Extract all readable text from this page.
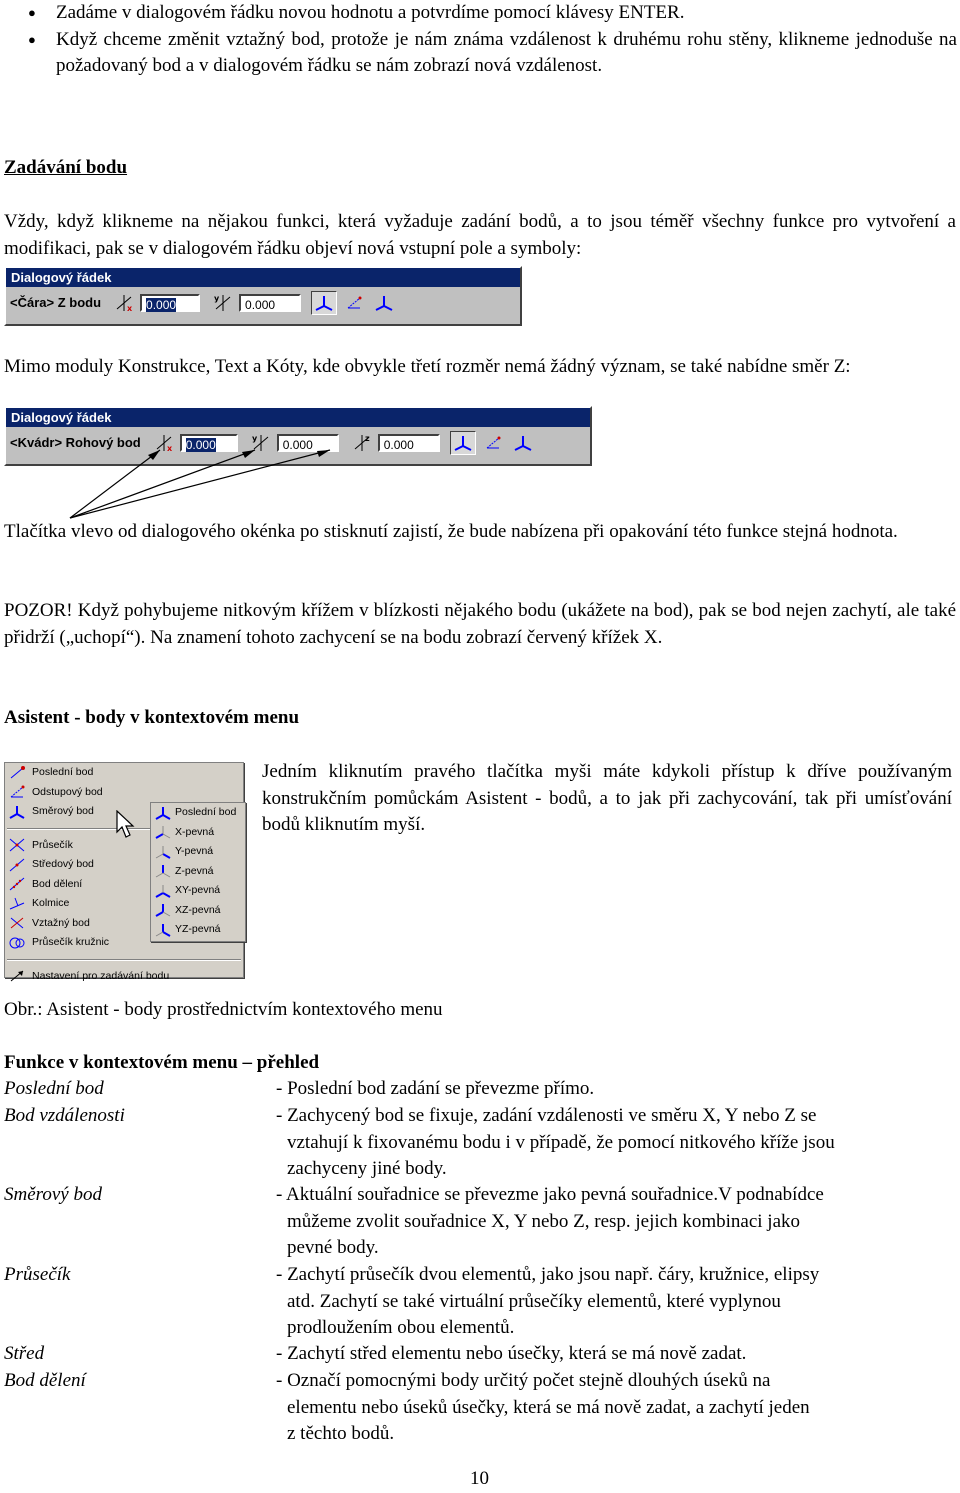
● Zadáme v dialogovém řádku novou hodnotu a potvrdíme pomocí klávesy ENTER.
● Když chceme změnit vztažný bod, protože je nám známa vzdálenost k druhému rohu stěny, klikneme jednoduše na požadovaný bod a v dialogovém řádku se nám zobrazí nová vzdálenost.
Zadávání bodu
Vždy, když klikneme na nějakou funkci, která vyžaduje zadání bodů, a to jsou téměř všechny funkce pro vytvoření a modifikaci, pak se v dialogovém řádku objeví nová vstupní pole a symboly:
Dialogový řádek
<Čára> Z bodu	x	0.000	y	0.000
Mimo moduly Konstrukce, Text a Kóty, kde obvykle třetí rozměr nemá žádný význam, se také nabídne směr Z:
Dialogový řádek
<Kvádr> Rohový bod	x	0.000	y	0.000	z	0.000
Tlačítka vlevo od dialogového okénka po stisknutí zajistí, že bude nabízena při opakování této funkce stejná hodnota.
POZOR! Když pohybujeme nitkovým křížem v blízkosti nějakého bodu (ukážete na bod), pak se bod nejen zachytí, ale také přidrží („uchopí“). Na znamení tohoto zachycení se na bodu zobrazí červený křížek X.
Asistent - body v kontextovém menu
Poslední bod
Odstupový bod
Směrový bod
Průsečík
Středový bod
Bod dělení
Kolmice
Vztažný bod
Průsečík kružnic
Nastavení pro zadávání bodu
Poslední bod
X-pevná
Y-pevná
Z-pevná
XY-pevná
XZ-pevná
YZ-pevná
Jedním kliknutím pravého tlačítka myši máte kdykoli přístup k dříve používaným konstrukčním pomůckám Asistent - bodů, a to jak při zachycování, tak při umísťování bodů kliknutím myší.
Obr.: Asistent - body prostřednictvím kontextového menu
Funkce v kontextovém menu – přehled
Poslední bod	- Poslední bod zadání se převezme přímo.
Bod vzdálenosti	- Zachycený bod se fixuje, zadání vzdálenosti ve směru X, Y nebo Z se
vztahují k fixovanému bodu i v případě, že pomocí nitkového kříže jsou
zachyceny jiné body.
Směrový bod	- Aktuální souřadnice se převezme jako pevná souřadnice.V podnabídce
můžeme zvolit souřadnice X, Y nebo Z, resp. jejich kombinaci jako
pevné body.
Průsečík	- Zachytí průsečík dvou elementů, jako jsou např. čáry, kružnice, elipsy
atd. Zachytí se také virtuální průsečíky elementů, které vyplynou
prodloužením obou elementů.
Střed	- Zachytí střed elementu nebo úsečky, která se má nově zadat.
Bod dělení	- Označí pomocnými body určitý počet stejně dlouhých úseků na
elementu nebo úseků úsečky, která se má nově zadat, a zachytí jeden
z těchto bodů.
10
